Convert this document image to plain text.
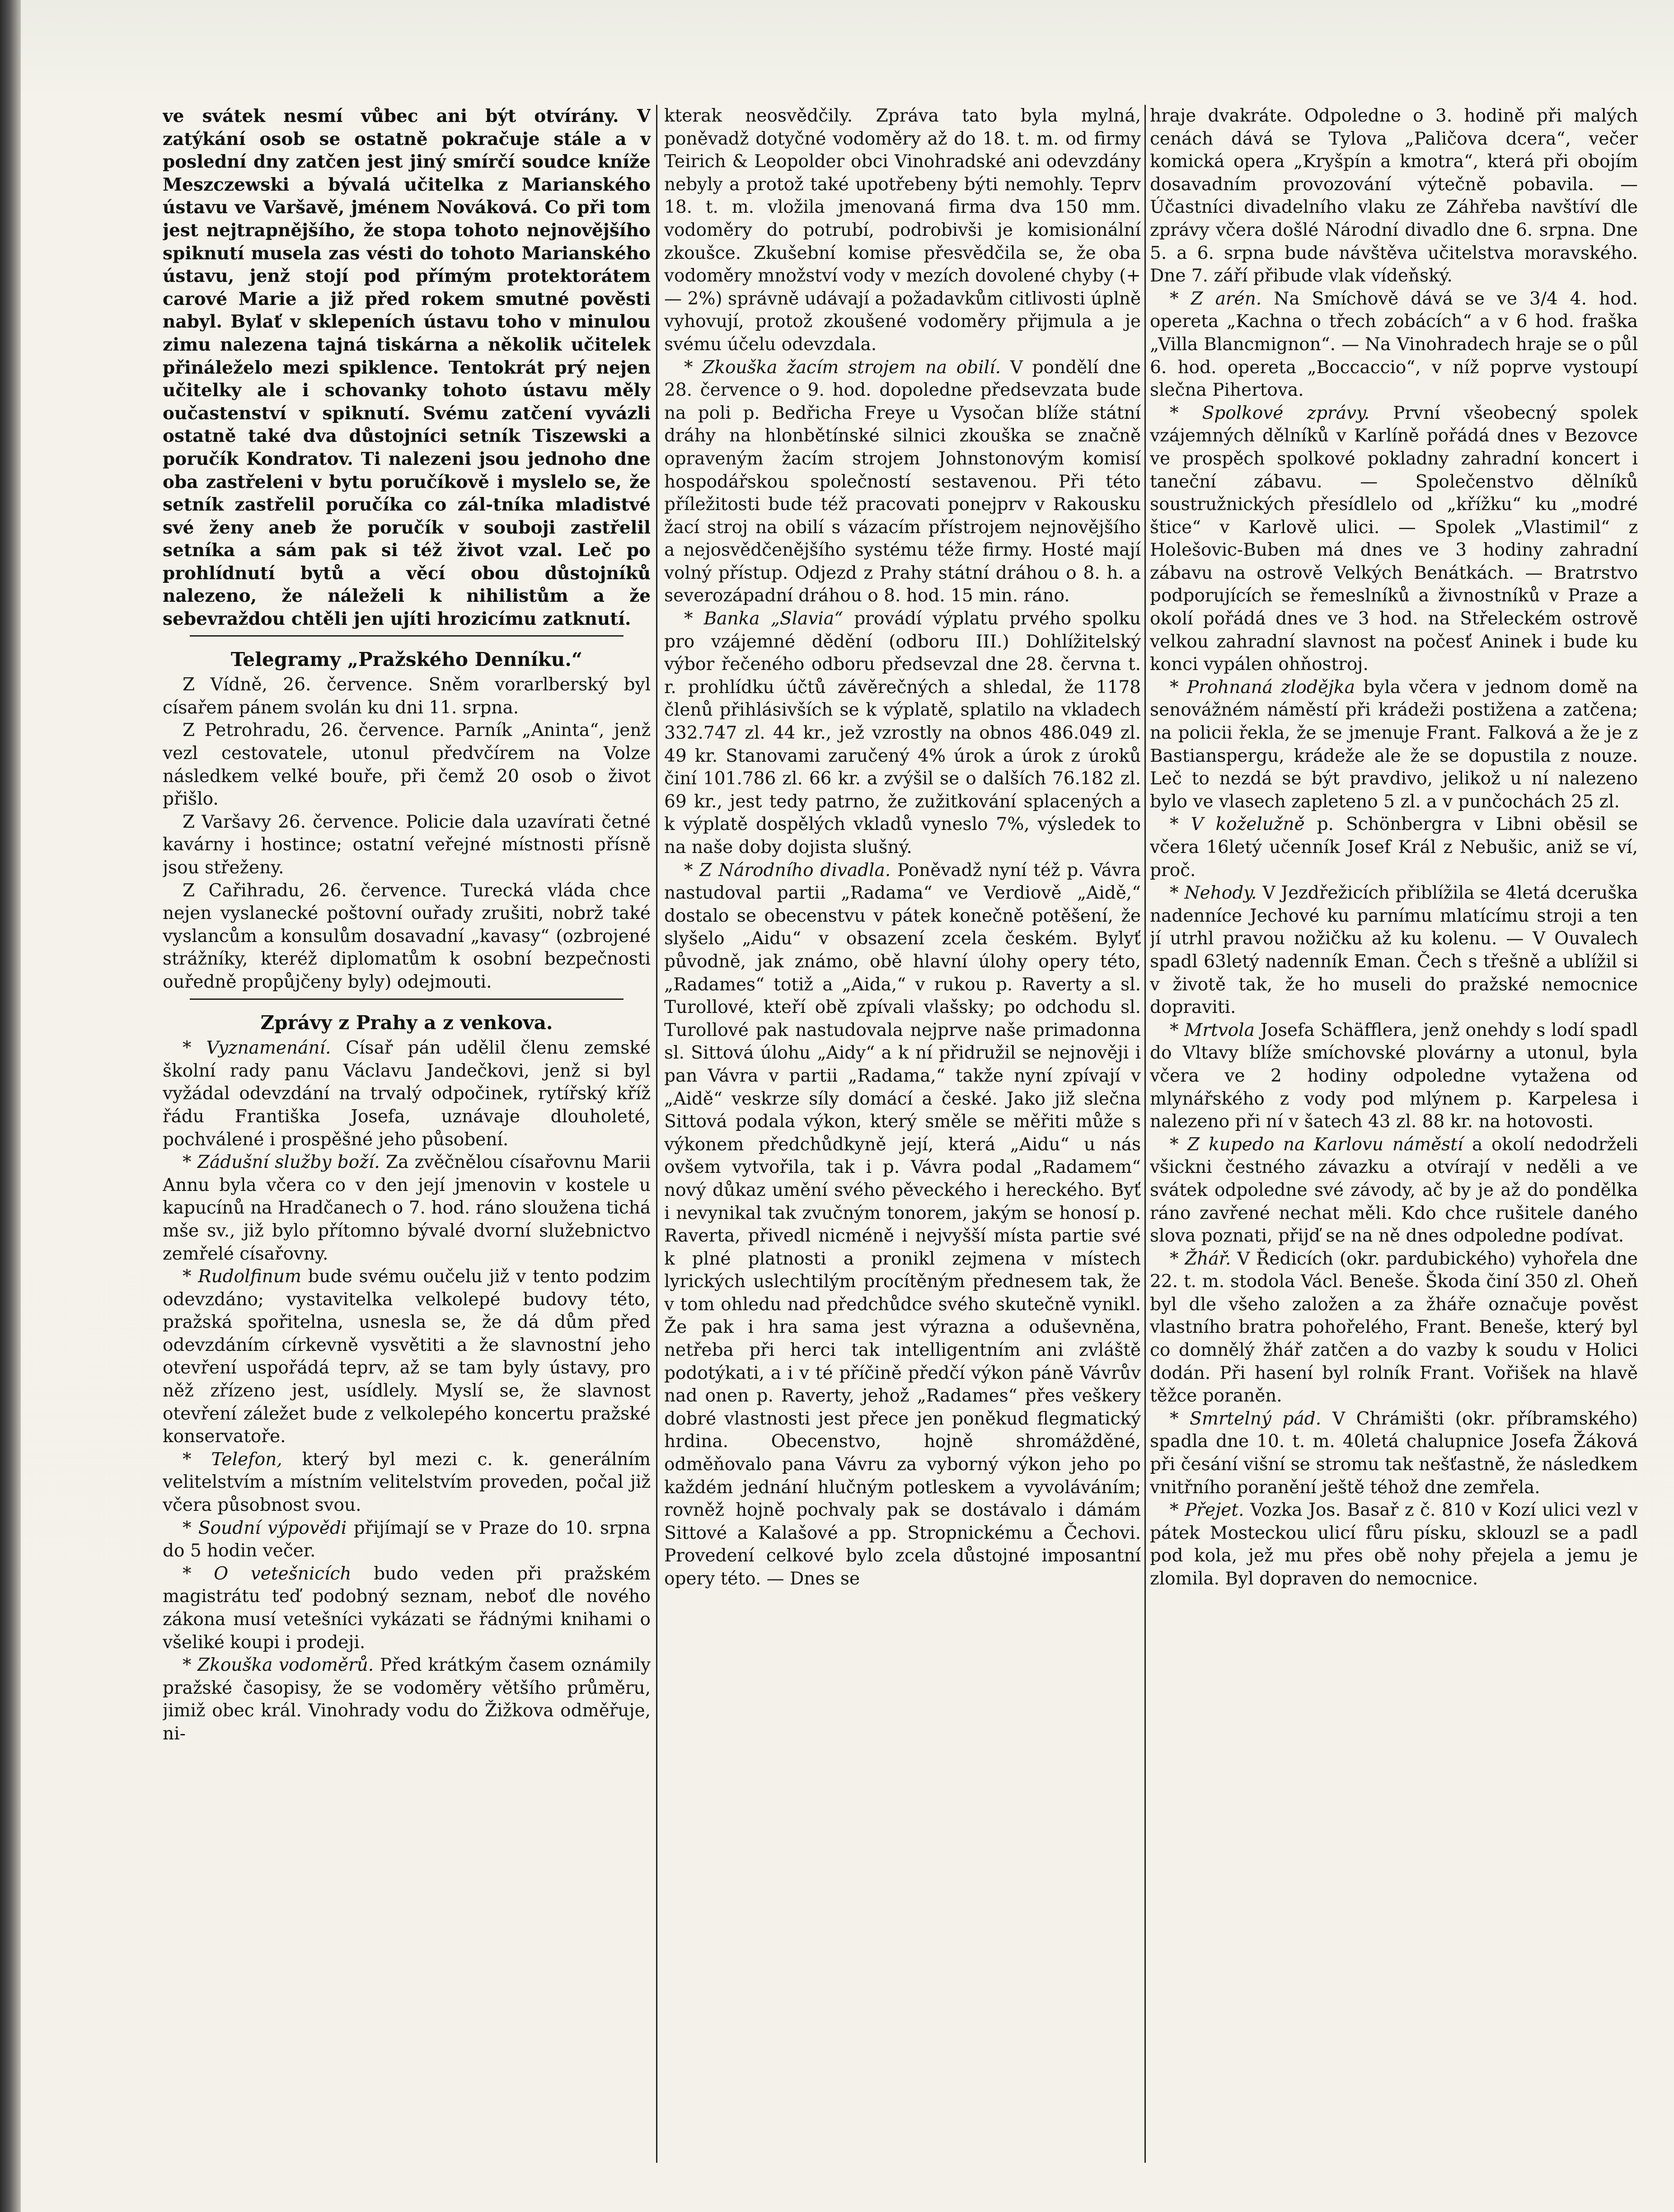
ve svátek nesmí vůbec ani být otvírány. V zatýkání osob se ostatně pokračuje stále a v poslední dny zatčen jest jiný smírčí soudce kníže Meszczewski a bývalá učitelka z Marianského ústavu ve Varšavě, jménem Nováková. Co při tom jest nejtrapnějšího, že stopa tohoto nejnovějšího spiknutí musela zas vésti do tohoto Marianského ústavu, jenž stojí pod přímým protektorátem carové Marie a již před rokem smutné pověsti nabyl. Bylať v sklepeních ústavu toho v minulou zimu nalezena tajná tiskárna a několik učitelek přináleželo mezi spiklence. Tentokrát prý nejen učitelky ale i schovanky tohoto ústavu měly oučastenství v spiknutí. Svému zatčení vyvázli ostatně také dva důstojníci setník Tiszewski a poručík Kondratov. Ti nalezeni jsou jednoho dne oba zastřeleni v bytu poručíkově i myslelo se, že setník zastřelil poručíka co zál-tníka mladistvé své ženy aneb že poručík v souboji zastřelil setníka a sám pak si též život vzal. Leč po prohlídnutí bytů a věcí obou důstojníků nalezeno, že náleželi k nihilistům a že sebevraždou chtěli jen ujíti hrozicímu zatknutí.

Telegramy „Pražského Denníku.“

Z Vídně, 26. července. Sněm vorarlberský byl císařem pánem svolán ku dni 11. srpna.

Z Petrohradu, 26. července. Parník „Aninta“, jenž vezl cestovatele, utonul předvčírem na Volze následkem velké bouře, při čemž 20 osob o život přišlo.

Z Varšavy 26. července. Policie dala uzavírati četné kavárny i hostince; ostatní veřejné místnosti přísně jsou střeženy.

Z Cařihradu, 26. července. Turecká vláda chce nejen vyslanecké poštovní ouřady zrušiti, nobrž také vyslancům a konsulům dosavadní „kavasy“ (ozbrojené strážníky, kteréž diplomatům k osobní bezpečnosti ouředně propůjčeny byly) odejmouti.

Zprávy z Prahy a z venkova.

* Vyznamenání. Císař pán udělil členu zemské školní rady panu Václavu Jandečkovi, jenž si byl vyžádal odevzdání na trvalý odpočinek, rytířský kříž řádu Františka Josefa, uznávaje dlouholeté, pochválené i prospěšné jeho působení.

* Zádušní služby boží. Za zvěčnělou císařovnu Marii Annu byla včera co v den její jmenovin v kostele u kapucínů na Hradčanech o 7. hod. ráno sloužena tichá mše sv., již bylo přítomno bývalé dvorní služebnictvo zemřelé císařovny.

* Rudolfinum bude svému oučelu již v tento podzim odevzdáno; vystavitelka velkolepé budovy této, pražská spořitelna, usnesla se, že dá dům před odevzdáním církevně vysvětiti a že slavnostní jeho otevření uspořádá teprv, až se tam byly ústavy, pro něž zřízeno jest, usídlely. Myslí se, že slavnost otevření záležet bude z velkolepého koncertu pražské konservatoře.

* Telefon, který byl mezi c. k. generálním velitelstvím a místním velitelstvím proveden, počal již včera působnost svou.

* Soudní výpovědi přijímají se v Praze do 10. srpna do 5 hodin večer.

* O vetešnicích budo veden při pražském magistrátu teď podobný seznam, neboť dle nového zákona musí vetešníci vykázati se řádnými knihami o všeliké koupi i prodeji.

* Zkouška vodoměrů. Před krátkým časem oznámily pražské časopisy, že se vodoměry většího průměru, jimiž obec král. Vinohrady vodu do Žižkova odměřuje, ni-

kterak neosvědčily. Zpráva tato byla mylná, poněvadž dotyčné vodoměry až do 18. t. m. od firmy Teirich & Leopolder obci Vinohradské ani odevzdány nebyly a protož také upotřebeny býti nemohly. Teprv 18. t. m. vložila jmenovaná firma dva 150 mm. vodoměry do potrubí, podrobivši je komisionální zkoušce. Zkušební komise přesvědčila se, že oba vodoměry množství vody v mezích dovolené chyby (+ — 2%) správně udávají a požadavkům citlivosti úplně vyhovují, protož zkoušené vodoměry přijmula a je svému účelu odevzdala.

* Zkouška žacím strojem na obilí. V pondělí dne 28. července o 9. hod. dopoledne předsevzata bude na poli p. Bedřicha Freye u Vysočan blíže státní dráhy na hlonbětínské silnici zkouška se značně opraveným žacím strojem Johnstonovým komisí hospodářskou společností sestavenou. Při této příležitosti bude též pracovati ponejprv v Rakousku žací stroj na obilí s vázacím přístrojem nejnovějšího a nejosvědčenějšího systému téže firmy. Hosté mají volný přístup. Odjezd z Prahy státní dráhou o 8. h. a severozápadní dráhou o 8. hod. 15 min. ráno.

* Banka „Slavia“ provádí výplatu prvého spolku pro vzájemné dědění (odboru III.) Dohlížitelský výbor řečeného odboru předsevzal dne 28. června t. r. prohlídku účtů závěrečných a shledal, že 1178 členů přihlásivších se k výplatě, splatilo na vkladech 332.747 zl. 44 kr., jež vzrostly na obnos 486.049 zl. 49 kr. Stanovami zaručený 4% úrok a úrok z úroků činí 101.786 zl. 66 kr. a zvýšil se o dalších 76.182 zl. 69 kr., jest tedy patrno, že zužitkování splacených a k výplatě dospělých vkladů vyneslo 7%, výsledek to na naše doby dojista slušný.

* Z Národního divadla. Poněvadž nyní též p. Vávra nastudoval partii „Radama“ ve Verdiově „Aidě,“ dostalo se obecenstvu v pátek konečně potěšení, že slyšelo „Aidu“ v obsazení zcela českém. Bylyť původně, jak známo, obě hlavní úlohy opery této, „Radames“ totiž a „Aida,“ v rukou p. Raverty a sl. Turollové, kteří obě zpívali vlašsky; po odchodu sl. Turollové pak nastudovala nejprve naše primadonna sl. Sittová úlohu „Aidy“ a k ní přidružil se nejnověji i pan Vávra v partii „Radama,“ takže nyní zpívají v „Aidě“ veskrze síly domácí a české. Jako již slečna Sittová podala výkon, který směle se měřiti může s výkonem předchůdkyně její, která „Aidu“ u nás ovšem vytvořila, tak i p. Vávra podal „Radamem“ nový důkaz umění svého pěveckého i hereckého. Byť i nevynikal tak zvučným tonorem, jakým se honosí p. Raverta, přivedl nicméně i nejvyšší místa partie své k plné platnosti a pronikl zejmena v místech lyrických uslechtilým procítěným přednesem tak, že v tom ohledu nad předchůdce svého skutečně vynikl. Že pak i hra sama jest výrazna a oduševněna, netřeba při herci tak intelligentním ani zvláště podotýkati, a i v té příčině předčí výkon páně Vávrův nad onen p. Raverty, jehož „Radames“ přes veškery dobré vlastnosti jest přece jen poněkud flegmatický hrdina. Obecenstvo, hojně shromážděné, odměňovalo pana Vávru za vyborný výkon jeho po každém jednání hlučným potleskem a vyvoláváním; rovněž hojně pochvaly pak se dostávalo i dámám Sittové a Kalašové a pp. Stropnickému a Čechovi. Provedení celkové bylo zcela důstojné imposantní opery této. — Dnes se

hraje dvakráte. Odpoledne o 3. hodině při malých cenách dává se Tylova „Paličova dcera“, večer komická opera „Kryšpín a kmotra“, která při obojím dosavadním provozování výtečně pobavila. — Účastníci divadelního vlaku ze Záhřeba navštíví dle zprávy včera došlé Národní divadlo dne 6. srpna. Dne 5. a 6. srpna bude návštěva učitelstva moravského. Dne 7. září přibude vlak vídeňský.

* Z arén. Na Smíchově dává se ve 3/4 4. hod. opereta „Kachna o třech zobácích“ a v 6 hod. fraška „Villa Blancmignon“. — Na Vinohradech hraje se o půl 6. hod. opereta „Boccaccio“, v níž poprve vystoupí slečna Pihertova.

* Spolkové zprávy. První všeobecný spolek vzájemných dělníků v Karlíně pořádá dnes v Bezovce ve prospěch spolkové pokladny zahradní koncert i taneční zábavu. — Společenstvo dělníků soustružnických přesídlelo od „křížku“ ku „modré štice“ v Karlově ulici. — Spolek „Vlastimil“ z Holešovic-Buben má dnes ve 3 hodiny zahradní zábavu na ostrově Velkých Benátkách. — Bratrstvo podporujících se řemeslníků a živnostníků v Praze a okolí pořádá dnes ve 3 hod. na Střeleckém ostrově velkou zahradní slavnost na počesť Aninek i bude ku konci vypálen ohňostroj.

* Prohnaná zlodějka byla včera v jednom domě na senovážném náměstí při krádeži postižena a zatčena; na policii řekla, že se jmenuje Frant. Falková a že je z Bastianspergu, krádeže ale že se dopustila z nouze. Leč to nezdá se být pravdivo, jelikož u ní nalezeno bylo ve vlasech zapleteno 5 zl. a v punčochách 25 zl.

* V koželužně p. Schönbergra v Libni oběsil se včera 16letý učenník Josef Král z Nebušic, aniž se ví, proč.

* Nehody. V Jezdřežicích přiblížila se 4letá dceruška nadenníce Jechové ku parnímu mlatícímu stroji a ten jí utrhl pravou nožičku až ku kolenu. — V Ouvalech spadl 63letý nadenník Eman. Čech s třešně a ublížil si v životě tak, že ho museli do pražské nemocnice dopraviti.

* Mrtvola Josefa Schäfflera, jenž onehdy s lodí spadl do Vltavy blíže smíchovské plovárny a utonul, byla včera ve 2 hodiny odpoledne vytažena od mlynářského z vody pod mlýnem p. Karpelesa i nalezeno při ní v šatech 43 zl. 88 kr. na hotovosti.

* Z kupedo na Karlovu náměstí a okolí nedodrželi všickni čestného závazku a otvírají v neděli a ve svátek odpoledne své závody, ač by je až do pondělka ráno zavřené nechat měli. Kdo chce rušitele daného slova poznati, přijď se na ně dnes odpoledne podívat.

* Žhář. V Ředicích (okr. pardubického) vyhořela dne 22. t. m. stodola Václ. Beneše. Škoda činí 350 zl. Oheň byl dle všeho založen a za žháře označuje pověst vlastního bratra pohořelého, Frant. Beneše, který byl co domnělý žhář zatčen a do vazby k soudu v Holici dodán. Při hasení byl rolník Frant. Vořišek na hlavě těžce poraněn.

* Smrtelný pád. V Chrámišti (okr. příbramského) spadla dne 10. t. m. 40letá chalupnice Josefa Žáková při česání višní se stromu tak nešťastně, že následkem vnitřního poranění ještě téhož dne zemřela.

* Přejet. Vozka Jos. Basař z č. 810 v Kozí ulici vezl v pátek Mosteckou ulicí fůru písku, sklouzl se a padl pod kola, jež mu přes obě nohy přejela a jemu je zlomila. Byl dopraven do nemocnice.
